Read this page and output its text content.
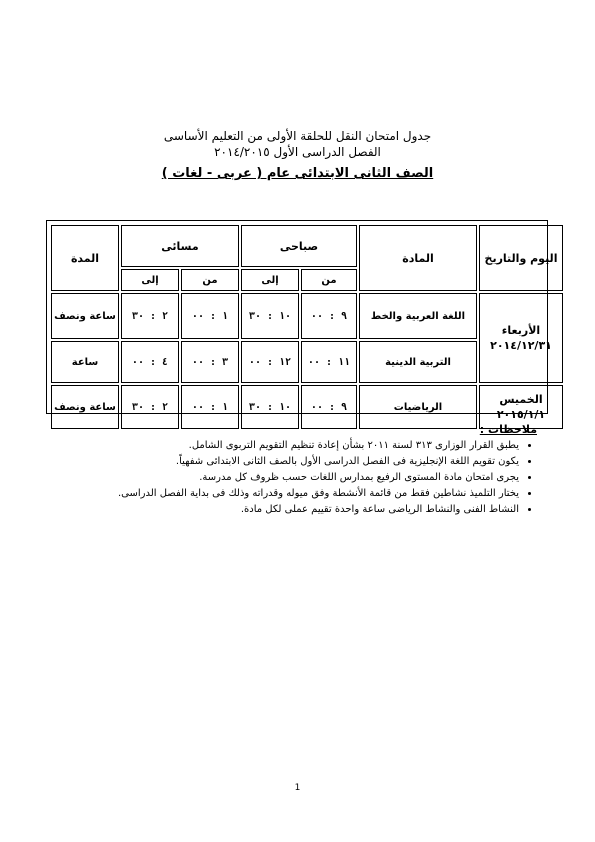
جدول امتحان النقل للحلقة الأولى من التعليم الأساسى
الفصل الدراسى الأول ٢٠١٤/٢٠١٥
الصف الثانى الابتدائى عام ( عربى - لغات )
اليوم والتاريخ	المادة	صباحى		مسائى		المدة
		من	إلى	من	إلى	

الأربعاء
٢٠١٤/١٢/٣١	اللغة العربية والخط	٩ : ٠٠	١٠ : ٣٠	١ : ٠٠	٢ : ٣٠	ساعة ونصف
	التربية الدينية	١١ : ٠٠	١٢ : ٠٠	٣ : ٠٠	٤ : ٠٠	ساعة

الخميس
٢٠١٥/١/١	الرياضيات	٩ : ٠٠	١٠ : ٣٠	١ : ٠٠	٢ : ٣٠	ساعة ونصف
ملاحظات :
• يطبق القرار الوزارى ٣١٣ لسنة ٢٠١١ بشأن إعادة تنظيم التقويم التربوى الشامل.
• يكون تقويم اللغة الإنجليزية فى الفصل الدراسى الأول بالصف الثانى الابتدائى شفهياً.
• يجرى امتحان مادة المستوى الرفيع بمدارس اللغات حسب ظروف كل مدرسة.
• يختار التلميذ نشاطين فقط من قائمة الأنشطة وفق ميوله وقدراته وذلك فى بداية الفصل الدراسى.
• النشاط الفنى والنشاط الرياضى ساعة واحدة تقييم عملى لكل مادة.
1
